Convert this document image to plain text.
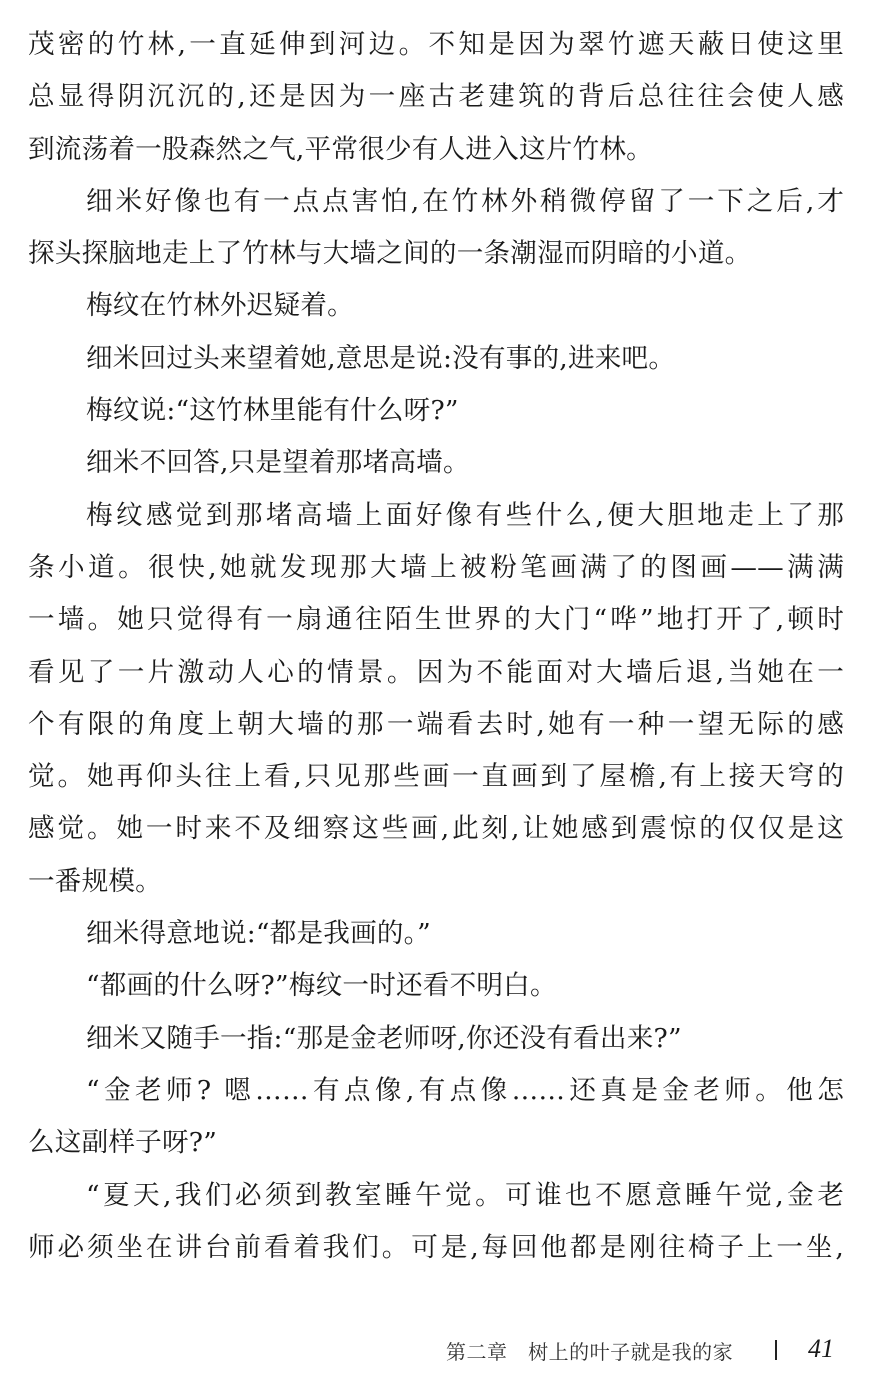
茂密的竹林,一直延伸到河边。不知是因为翠竹遮天蔽日使这里
总显得阴沉沉的,还是因为一座古老建筑的背后总往往会使人感
到流荡着一股森然之气,平常很少有人进入这片竹林。
细米好像也有一点点害怕,在竹林外稍微停留了一下之后,才
探头探脑地走上了竹林与大墙之间的一条潮湿而阴暗的小道。
梅纹在竹林外迟疑着。
细米回过头来望着她,意思是说:没有事的,进来吧。
梅纹说:“这竹林里能有什么呀?”
细米不回答,只是望着那堵高墙。
梅纹感觉到那堵高墙上面好像有些什么,便大胆地走上了那
条小道。很快,她就发现那大墙上被粉笔画满了的图画——满满
一墙。她只觉得有一扇通往陌生世界的大门“哗”地打开了,顿时
看见了一片激动人心的情景。因为不能面对大墙后退,当她在一
个有限的角度上朝大墙的那一端看去时,她有一种一望无际的感
觉。她再仰头往上看,只见那些画一直画到了屋檐,有上接天穹的
感觉。她一时来不及细察这些画,此刻,让她感到震惊的仅仅是这
一番规模。
细米得意地说:“都是我画的。”
“都画的什么呀?”梅纹一时还看不明白。
细米又随手一指:“那是金老师呀,你还没有看出来?”
“金老师? 嗯……有点像,有点像……还真是金老师。他怎
么这副样子呀?”
“夏天,我们必须到教室睡午觉。可谁也不愿意睡午觉,金老
师必须坐在讲台前看着我们。可是,每回他都是刚往椅子上一坐,
第二章   树上的叶子就是我的家	41
